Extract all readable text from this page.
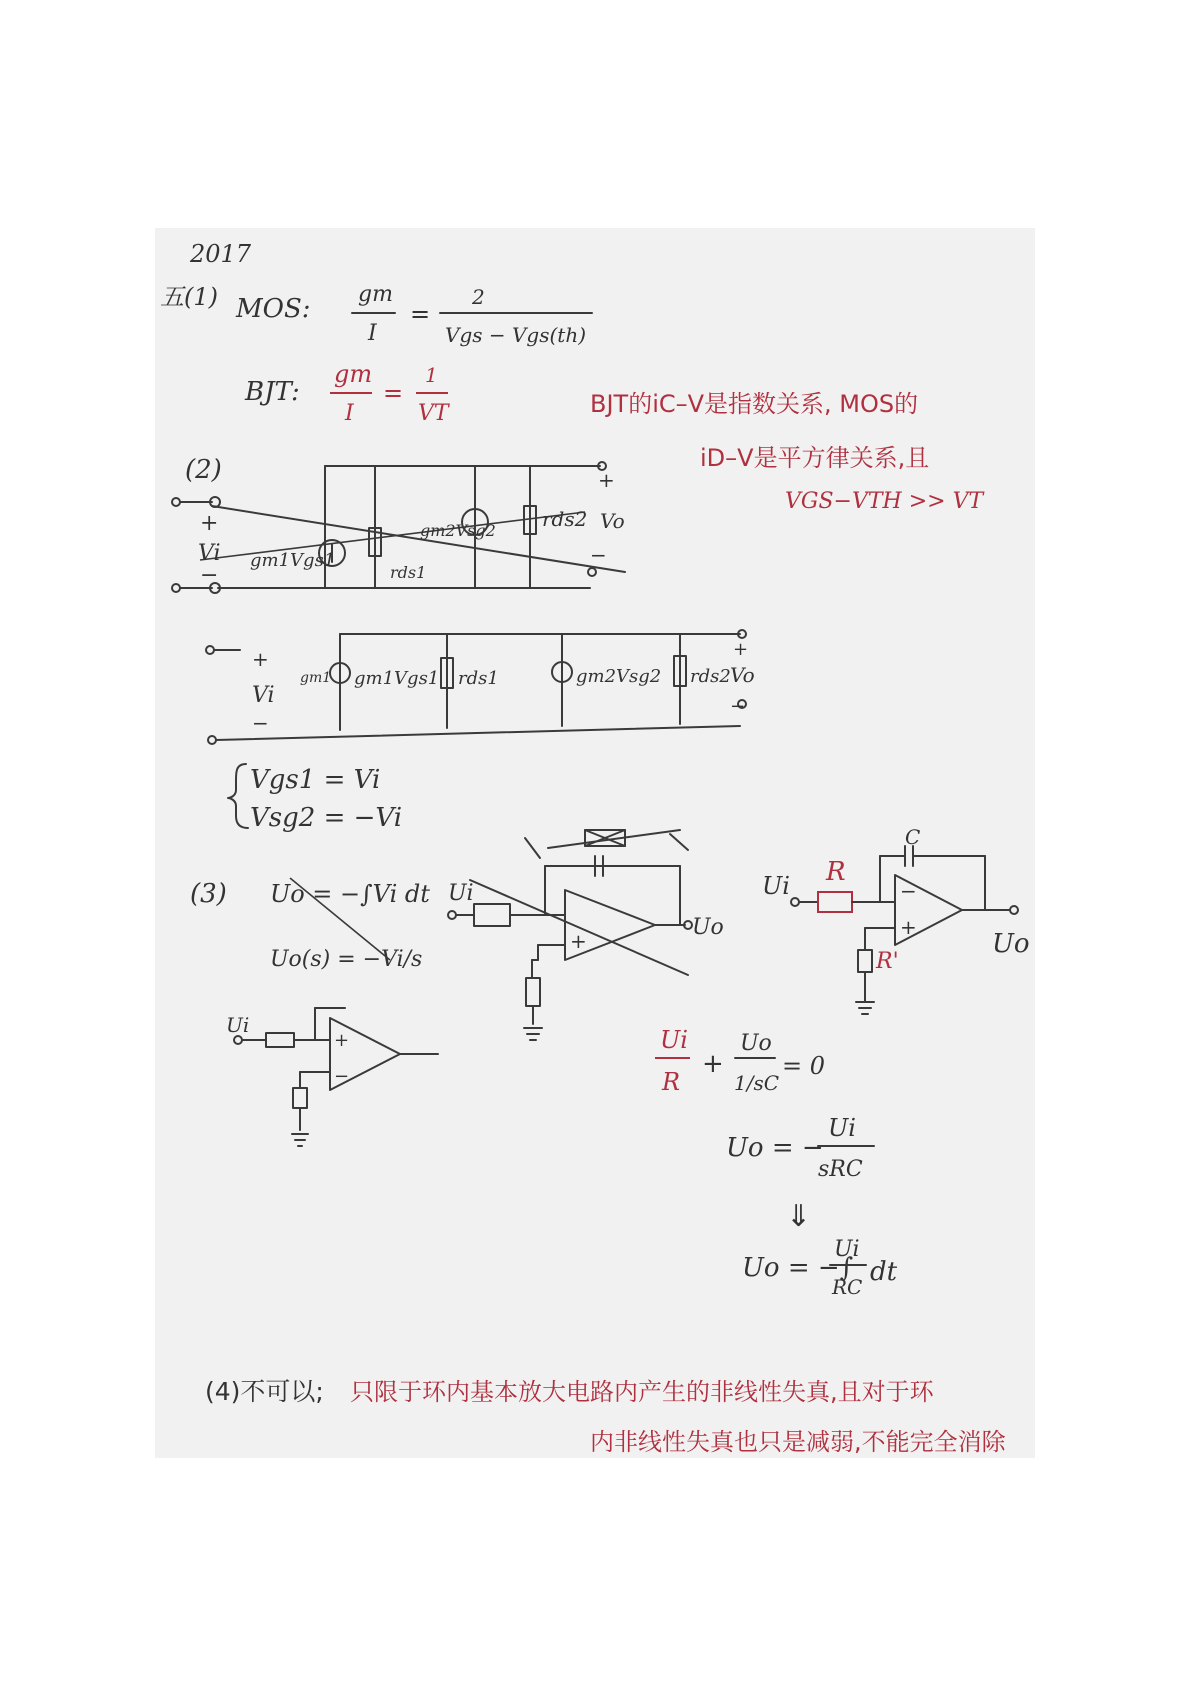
2017
五(1) MOS: gm
I
=
2
Vgs − Vgs(th)
BJT:
gm
I
=
1
VT	BJT的iC–V是指数关系, MOS的
iD–V是平方律关系,且
VGS−VTH >> VT
(2)
+
Vi
−
gm1Vgs1
rds1
gm2Vsg2 rds2
+
Vo
−
+
Vi
−
gm1 gm1Vgs1 rds1	gm2Vsg2 rds2
+
Vo
−
Vgs1 = Vi
Vsg2 = −Vi
(3) Uo = −∫Vi dt
Uo(s) = −Vi/s
Ui
Uo
+
Ui R
C
−
+
R'
Uo
Ui
+
−
Ui
R
+
Uo
1/sC
= 0
Uo = −
Ui
sRC
⇓
Uo = −∫
Ui
RC dt
(4)不可以; 只限于环内基本放大电路内产生的非线性失真,且对于环
内非线性失真也只是减弱,不能完全消除
